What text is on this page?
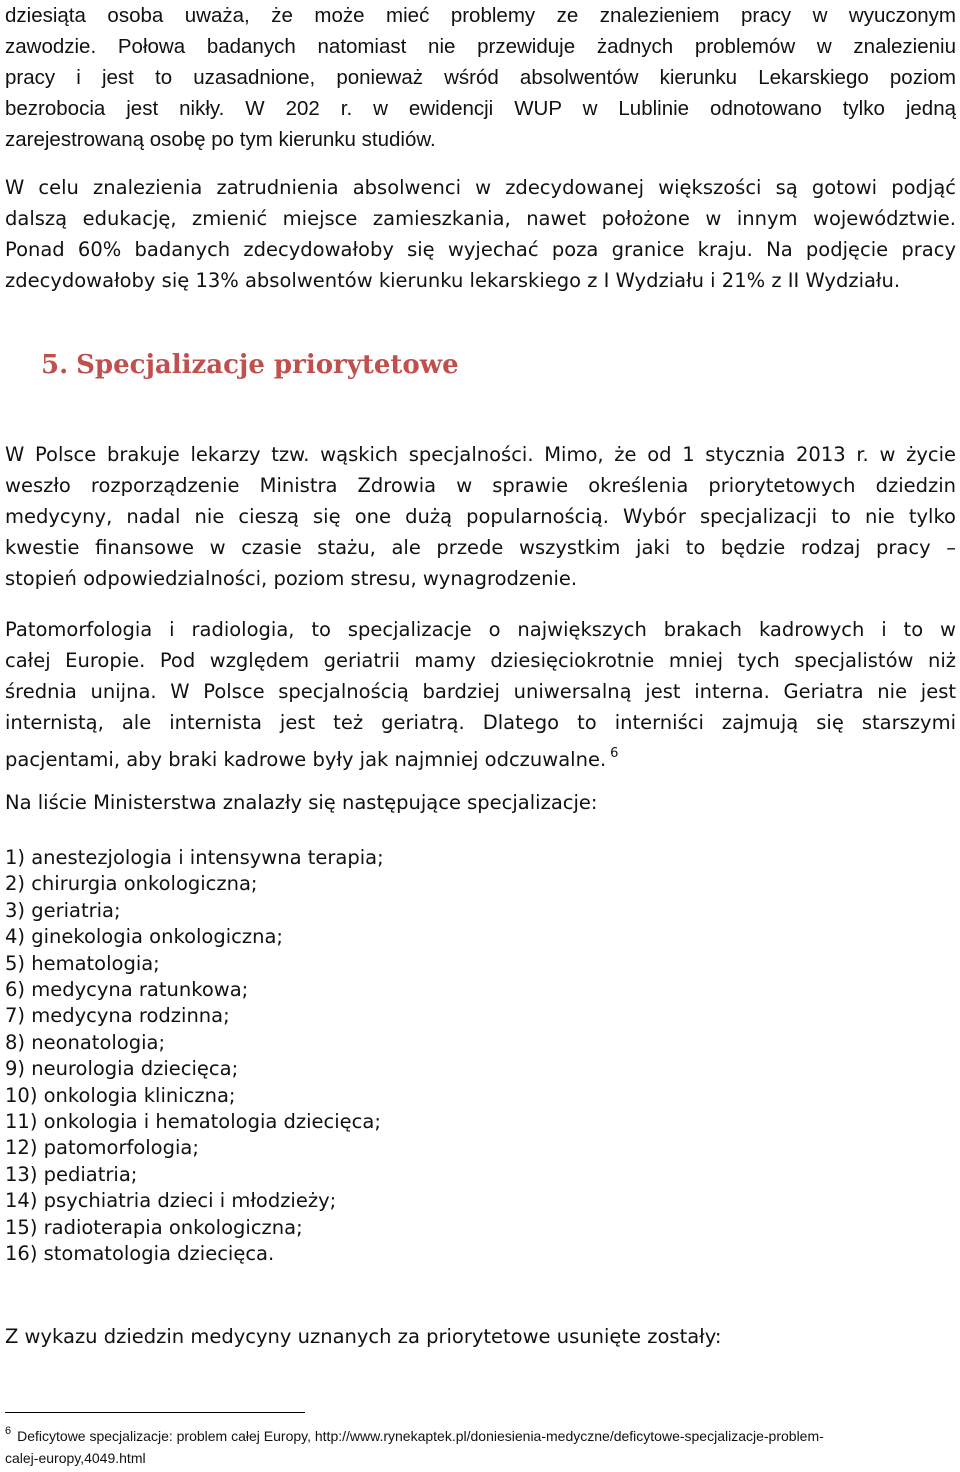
dziesiąta osoba uważa, że może mieć problemy ze znalezieniem pracy w wyuczonym
zawodzie. Połowa badanych natomiast nie przewiduje żadnych problemów w znalezieniu
pracy i jest to uzasadnione, ponieważ wśród absolwentów kierunku Lekarskiego poziom
bezrobocia jest nikły. W 202 r. w ewidencji WUP w Lublinie odnotowano tylko jedną
zarejestrowaną osobę po tym kierunku studiów.
W celu znalezienia zatrudnienia absolwenci w zdecydowanej większości są gotowi podjąć
dalszą edukację, zmienić miejsce zamieszkania, nawet położone w innym województwie.
Ponad 60% badanych zdecydowałoby się wyjechać poza granice kraju. Na podjęcie pracy
zdecydowałoby się 13% absolwentów kierunku lekarskiego z I Wydziału i 21% z II Wydziału.
5. Specjalizacje priorytetowe
W Polsce brakuje lekarzy tzw. wąskich specjalności. Mimo, że od 1 stycznia 2013 r. w życie
weszło rozporządzenie Ministra Zdrowia w sprawie określenia priorytetowych dziedzin
medycyny, nadal nie cieszą się one dużą popularnością. Wybór specjalizacji to nie tylko
kwestie finansowe w czasie stażu, ale przede wszystkim jaki to będzie rodzaj pracy –
stopień odpowiedzialności, poziom stresu, wynagrodzenie.
Patomorfologia i radiologia, to specjalizacje o największych brakach kadrowych i to w
całej Europie. Pod względem geriatrii mamy dziesięciokrotnie mniej tych specjalistów niż
średnia unijna. W Polsce specjalnością bardziej uniwersalną jest interna. Geriatra nie jest
internistą, ale internista jest też geriatrą. Dlatego to interniści zajmują się starszymi
pacjentami, aby braki kadrowe były jak najmniej odczuwalne. $^6$
Na liście Ministerstwa znalazły się następujące specjalizacje:
1) anestezjologia i intensywna terapia;
2) chirurgia onkologiczna;
3) geriatria;
4) ginekologia onkologiczna;
5) hematologia;
6) medycyna ratunkowa;
7) medycyna rodzinna;
8) neonatologia;
9) neurologia dziecięca;
10) onkologia kliniczna;
11) onkologia i hematologia dziecięca;
12) patomorfologia;
13) pediatria;
14) psychiatria dzieci i młodzieży;
15) radioterapia onkologiczna;
16) stomatologia dziecięca.
Z wykazu dziedzin medycyny uznanych za priorytetowe usunięte zostały:
$^6$ Deficytowe specjalizacje: problem całej Europy, http://www.rynekaptek.pl/doniesienia-medyczne/deficytowe-specjalizacje-problem-
calej-europy,4049.html
